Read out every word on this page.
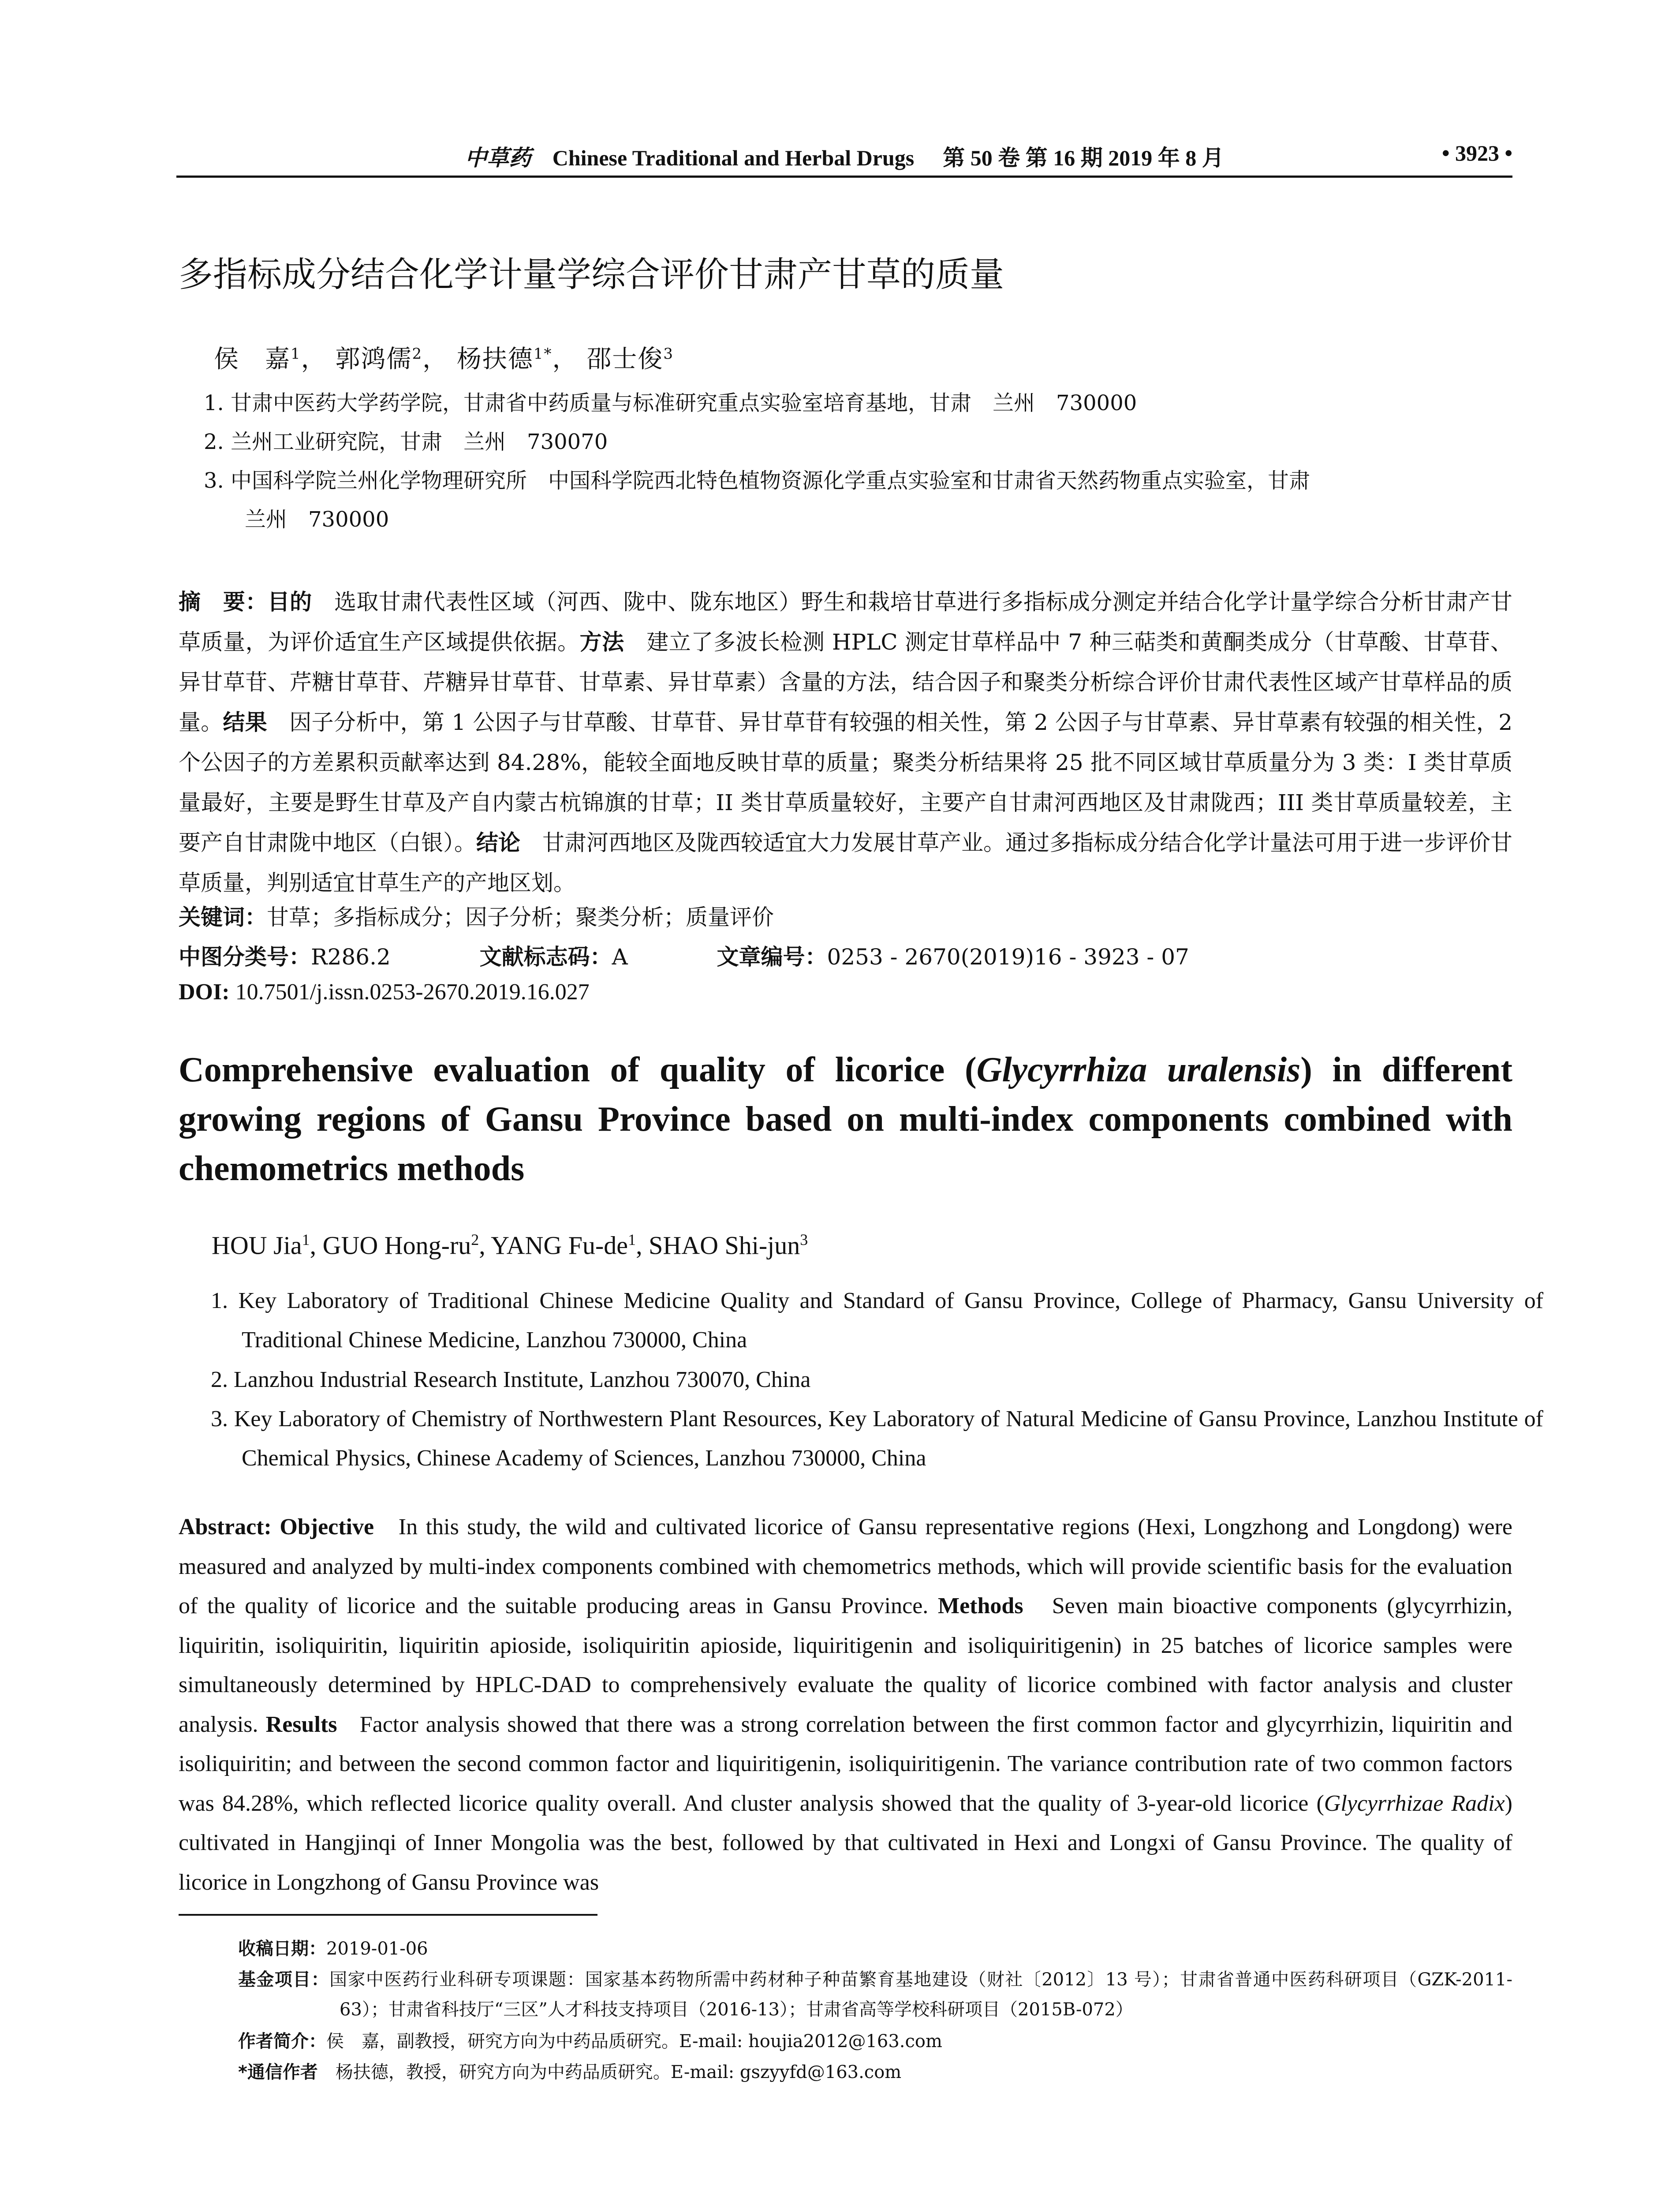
中草药 Chinese Traditional and Herbal Drugs 第 50 卷 第 16 期 2019 年 8 月	• 3923 •
多指标成分结合化学计量学综合评价甘肃产甘草的质量
侯　嘉$^1$， 郭鸿儒$^2$， 杨扶德$^{1*}$， 邵士俊$^3$
1. 甘肃中医药大学药学院，甘肃省中药质量与标准研究重点实验室培育基地，甘肃　兰州　730000
2. 兰州工业研究院，甘肃　兰州　730070
3. 中国科学院兰州化学物理研究所　中国科学院西北特色植物资源化学重点实验室和甘肃省天然药物重点实验室，甘肃
兰州　730000
摘　要：目的　 选取甘肃代表性区域（河西、陇中、陇东地区）野生和栽培甘草进行多指标成分测定并结合化学计量学综合分析甘肃产甘草质量，为评价适宜生产区域提供依据。方法　 建立了多波长检测 HPLC 测定甘草样品中 7 种三萜类和黄酮类成分（甘草酸、甘草苷、异甘草苷、芹糖甘草苷、芹糖异甘草苷、甘草素、异甘草素）含量的方法，结合因子和聚类分析综合评价甘肃代表性区域产甘草样品的质量。结果　 因子分析中，第 1 公因子与甘草酸、甘草苷、异甘草苷有较强的相关性，第 2 公因子与甘草素、异甘草素有较强的相关性，2 个公因子的方差累积贡献率达到 84.28%，能较全面地反映甘草的质量；聚类分析结果将 25 批不同区域甘草质量分为 3 类：I 类甘草质量最好，主要是野生甘草及产自内蒙古杭锦旗的甘草；II 类甘草质量较好，主要产自甘肃河西地区及甘肃陇西；III 类甘草质量较差，主要产自甘肃陇中地区（白银）。结论　 甘肃河西地区及陇西较适宜大力发展甘草产业。通过多指标成分结合化学计量法可用于进一步评价甘草质量，判别适宜甘草生产的产地区划。
关键词：甘草；多指标成分；因子分析；聚类分析；质量评价
中图分类号：R286.2	文献标志码：A	文章编号：0253 - 2670(2019)16 - 3923 - 07
DOI: 10.7501/j.issn.0253-2670.2019.16.027
Comprehensive evaluation of quality of licorice (Glycyrrhiza uralensis) in different growing regions of Gansu Province based on multi-index components combined with chemometrics methods
HOU Jia$^1$, GUO Hong-$ru^2$, YANG $Fu-de^1$, SHAO Shi-jun$^3$
1. Key Laboratory of Traditional Chinese Medicine Quality and Standard of Gansu Province, College of Pharmacy, Gansu University of Traditional Chinese Medicine, Lanzhou 730000, China
2. Lanzhou Industrial Research Institute, Lanzhou 730070, China
3. Key Laboratory of Chemistry of Northwestern Plant Resources, Key Laboratory of Natural Medicine of Gansu Province, Lanzhou Institute of Chemical Physics, Chinese Academy of Sciences, Lanzhou 730000, China
Abstract: Objective In this study, the wild and cultivated licorice of Gansu representative regions (Hexi, Longzhong and Longdong) were measured and analyzed by multi-index components combined with chemometrics methods, which will provide scientific basis for the evaluation of the quality of licorice and the suitable producing areas in Gansu Province. Methods Seven main bioactive components (glycyrrhizin, liquiritin, isoliquiritin, liquiritin apioside, isoliquiritin apioside, liquiritigenin and isoliquiritigenin) in 25 batches of licorice samples were simultaneously determined by HPLC-DAD to comprehensively evaluate the quality of licorice combined with factor analysis and cluster analysis. Results Factor analysis showed that there was a strong correlation between the first common factor and glycyrrhizin, liquiritin and isoliquiritin; and between the second common factor and liquiritigenin, isoliquiritigenin. The variance contribution rate of two common factors was 84.28%, which reflected licorice quality overall. And cluster analysis showed that the quality of 3-year-old licorice (Glycyrrhizae Radix) cultivated in Hangjinqi of Inner Mongolia was the best, followed by that cultivated in Hexi and Longxi of Gansu Province. The quality of licorice in Longzhong of Gansu Province was
收稿日期：2019-01-06
基金项目：国家中医药行业科研专项课题：国家基本药物所需中药材种子种苗繁育基地建设（财社〔2012〕13 号）；甘肃省普通中医药科研项目（GZK-2011-63）；甘肃省科技厅“三区”人才科技支持项目（2016-13）；甘肃省高等学校科研项目（2015B-072）
作者简介：侯　嘉，副教授，研究方向为中药品质研究。E-mail: houjia2012@163.com
*通信作者　 杨扶德，教授，研究方向为中药品质研究。E-mail: gszyyfd@163.com
